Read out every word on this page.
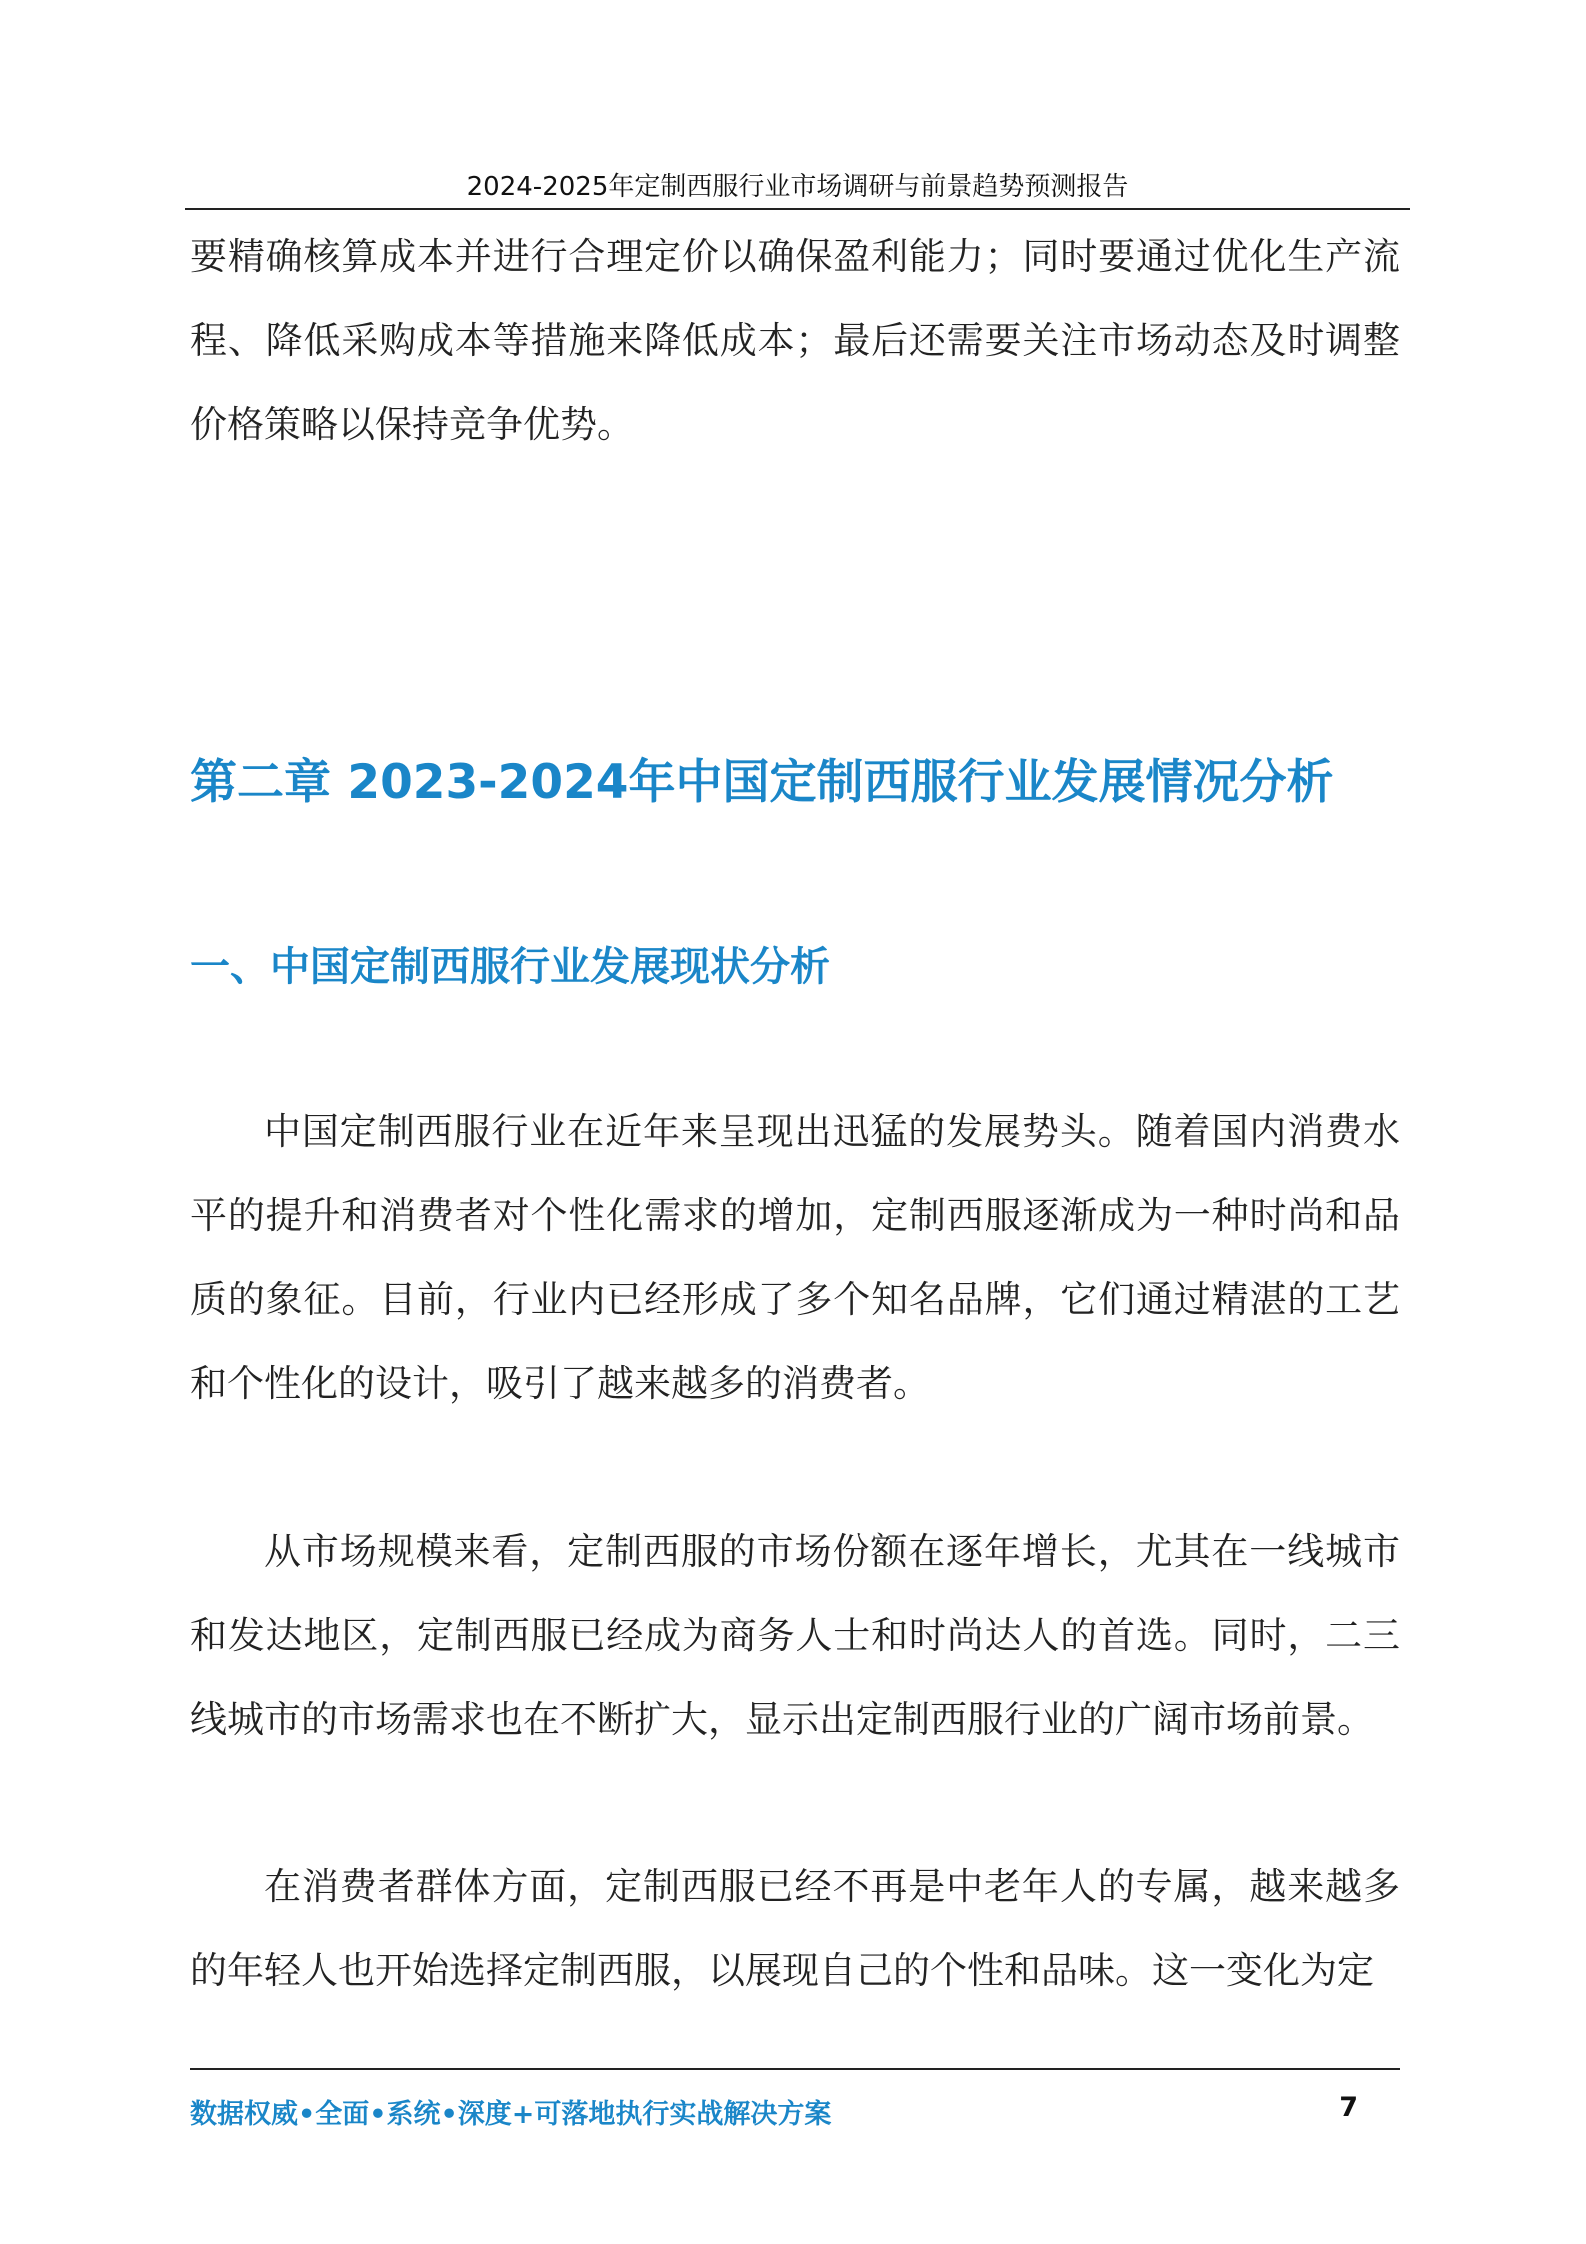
2024-2025年定制西服行业市场调研与前景趋势预测报告

要精确核算成本并进行合理定价以确保盈利能力；同时要通过优化生产流程、降低采购成本等措施来降低成本；最后还需要关注市场动态及时调整价格策略以保持竞争优势。

第二章 2023-2024年中国定制西服行业发展情况分析
一、中国定制西服行业发展现状分析

中国定制西服行业在近年来呈现出迅猛的发展势头。随着国内消费水平的提升和消费者对个性化需求的增加，定制西服逐渐成为一种时尚和品质的象征。目前，行业内已经形成了多个知名品牌，它们通过精湛的工艺和个性化的设计，吸引了越来越多的消费者。

从市场规模来看，定制西服的市场份额在逐年增长，尤其在一线城市和发达地区，定制西服已经成为商务人士和时尚达人的首选。同时，二三线城市的市场需求也在不断扩大，显示出定制西服行业的广阔市场前景。

在消费者群体方面，定制西服已经不再是中老年人的专属，越来越多的年轻人也开始选择定制西服，以展现自己的个性和品味。这一变化为定

数据权威•全面•系统•深度+可落地执行实战解决方案	7
